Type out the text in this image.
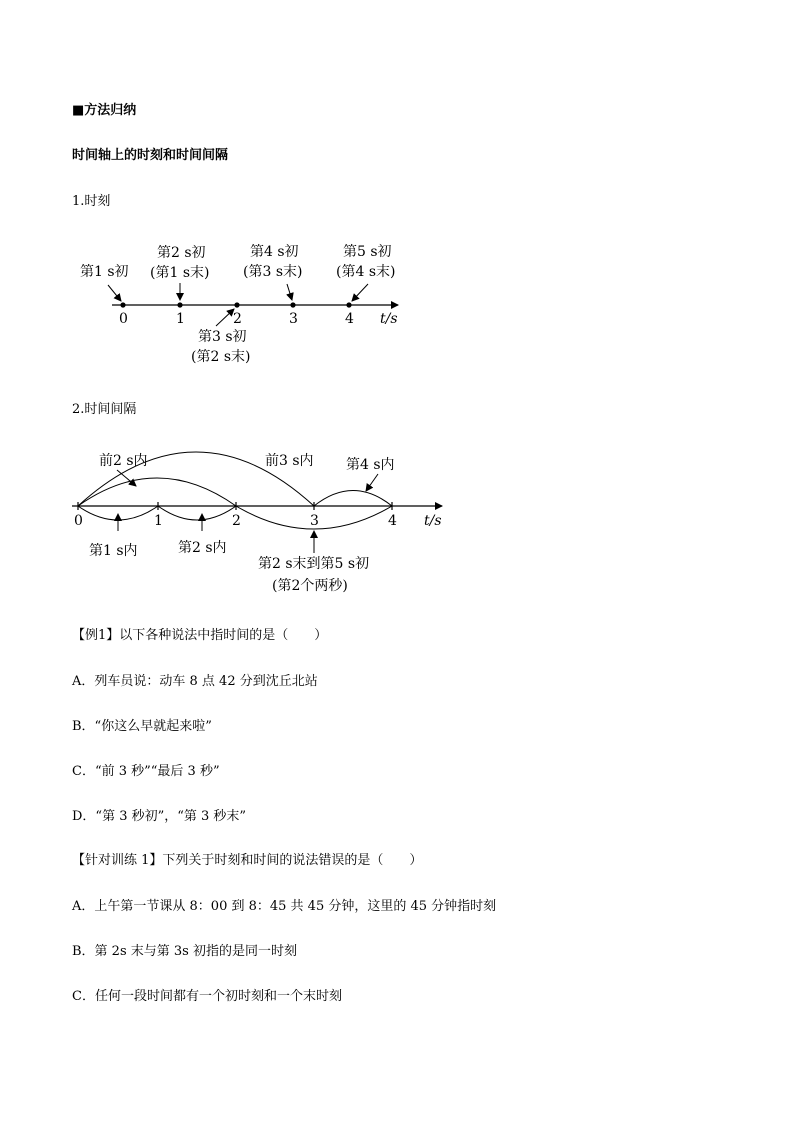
■方法归纳
时间轴上的时刻和时间间隔
1.时刻
0	1	2	3	4 t/s
第1 s初
第2 s初
(第1 s末)
第4 s初
(第3 s末)
第5 s初
(第4 s末)
第3 s初
(第2 s末)
2.时间间隔
0	1	2	3	4 t/s
前2 s内	前3 s内 第4 s内
第1 s内	第2 s内
第2 s末到第5 s初
(第2个两秒)
【例1】以下各种说法中指时间的是（　　）
A．列车员说：动车 8 点 42 分到沈丘北站
B．“你这么早就起来啦”
C．“前 3 秒”“最后 3 秒”
D．“第 3 秒初”，“第 3 秒末”
【针对训练 1】下列关于时刻和时间的说法错误的是（　　）
A．上午第一节课从 8：00 到 8：45 共 45 分钟，这里的 45 分钟指时刻
B．第 2s 末与第 3s 初指的是同一时刻
C．任何一段时间都有一个初时刻和一个末时刻
